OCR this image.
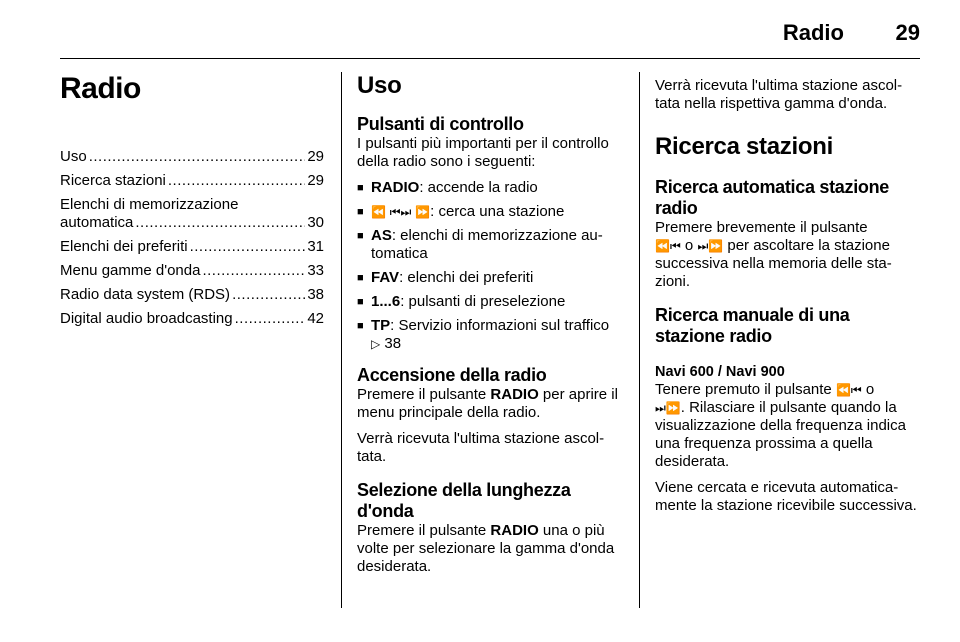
Radio 29
Radio
Uso .....	29
Ricerca stazioni .....	29
Elenchi di memorizzazione
automatica .....	30
Elenchi dei preferiti .....	31
Menu gamme d'onda .....	33
Radio data system (RDS) .....	38
Digital audio broadcasting .....	42
Uso
Pulsanti di controllo

I pulsanti più importanti per il controllo della radio sono i seguenti:

■ RADIO: accende la radio
■ ⏪ ⏮⏭ ⏩: cerca una stazione
■ AS: elenchi di memorizzazione automatica
■ FAV: elenchi dei preferiti
■ 1...6: pulsanti di preselezione
■ TP: Servizio informazioni sul traffico ▷ 38
Accensione della radio

Premere il pulsante RADIO per aprire il menu principale della radio.

Verrà ricevuta l'ultima stazione ascoltata.

Selezione della lunghezza d'onda

Premere il pulsante RADIO una o più volte per selezionare la gamma d'onda desiderata.

Verrà ricevuta l'ultima stazione ascoltata nella rispettiva gamma d'onda.

Ricerca stazioni
Ricerca automatica stazione radio

Premere brevemente il pulsante
⏪⏮ o ⏭⏩ per ascoltare la stazione successiva nella memoria delle stazioni.

Ricerca manuale di una stazione radio
Navi 600 / Navi 900

Tenere premuto il pulsante ⏪⏮ o
⏭⏩. Rilasciare il pulsante quando la visualizzazione della frequenza indica una frequenza prossima a quella desiderata.

Viene cercata e ricevuta automaticamente la stazione ricevibile successiva.
